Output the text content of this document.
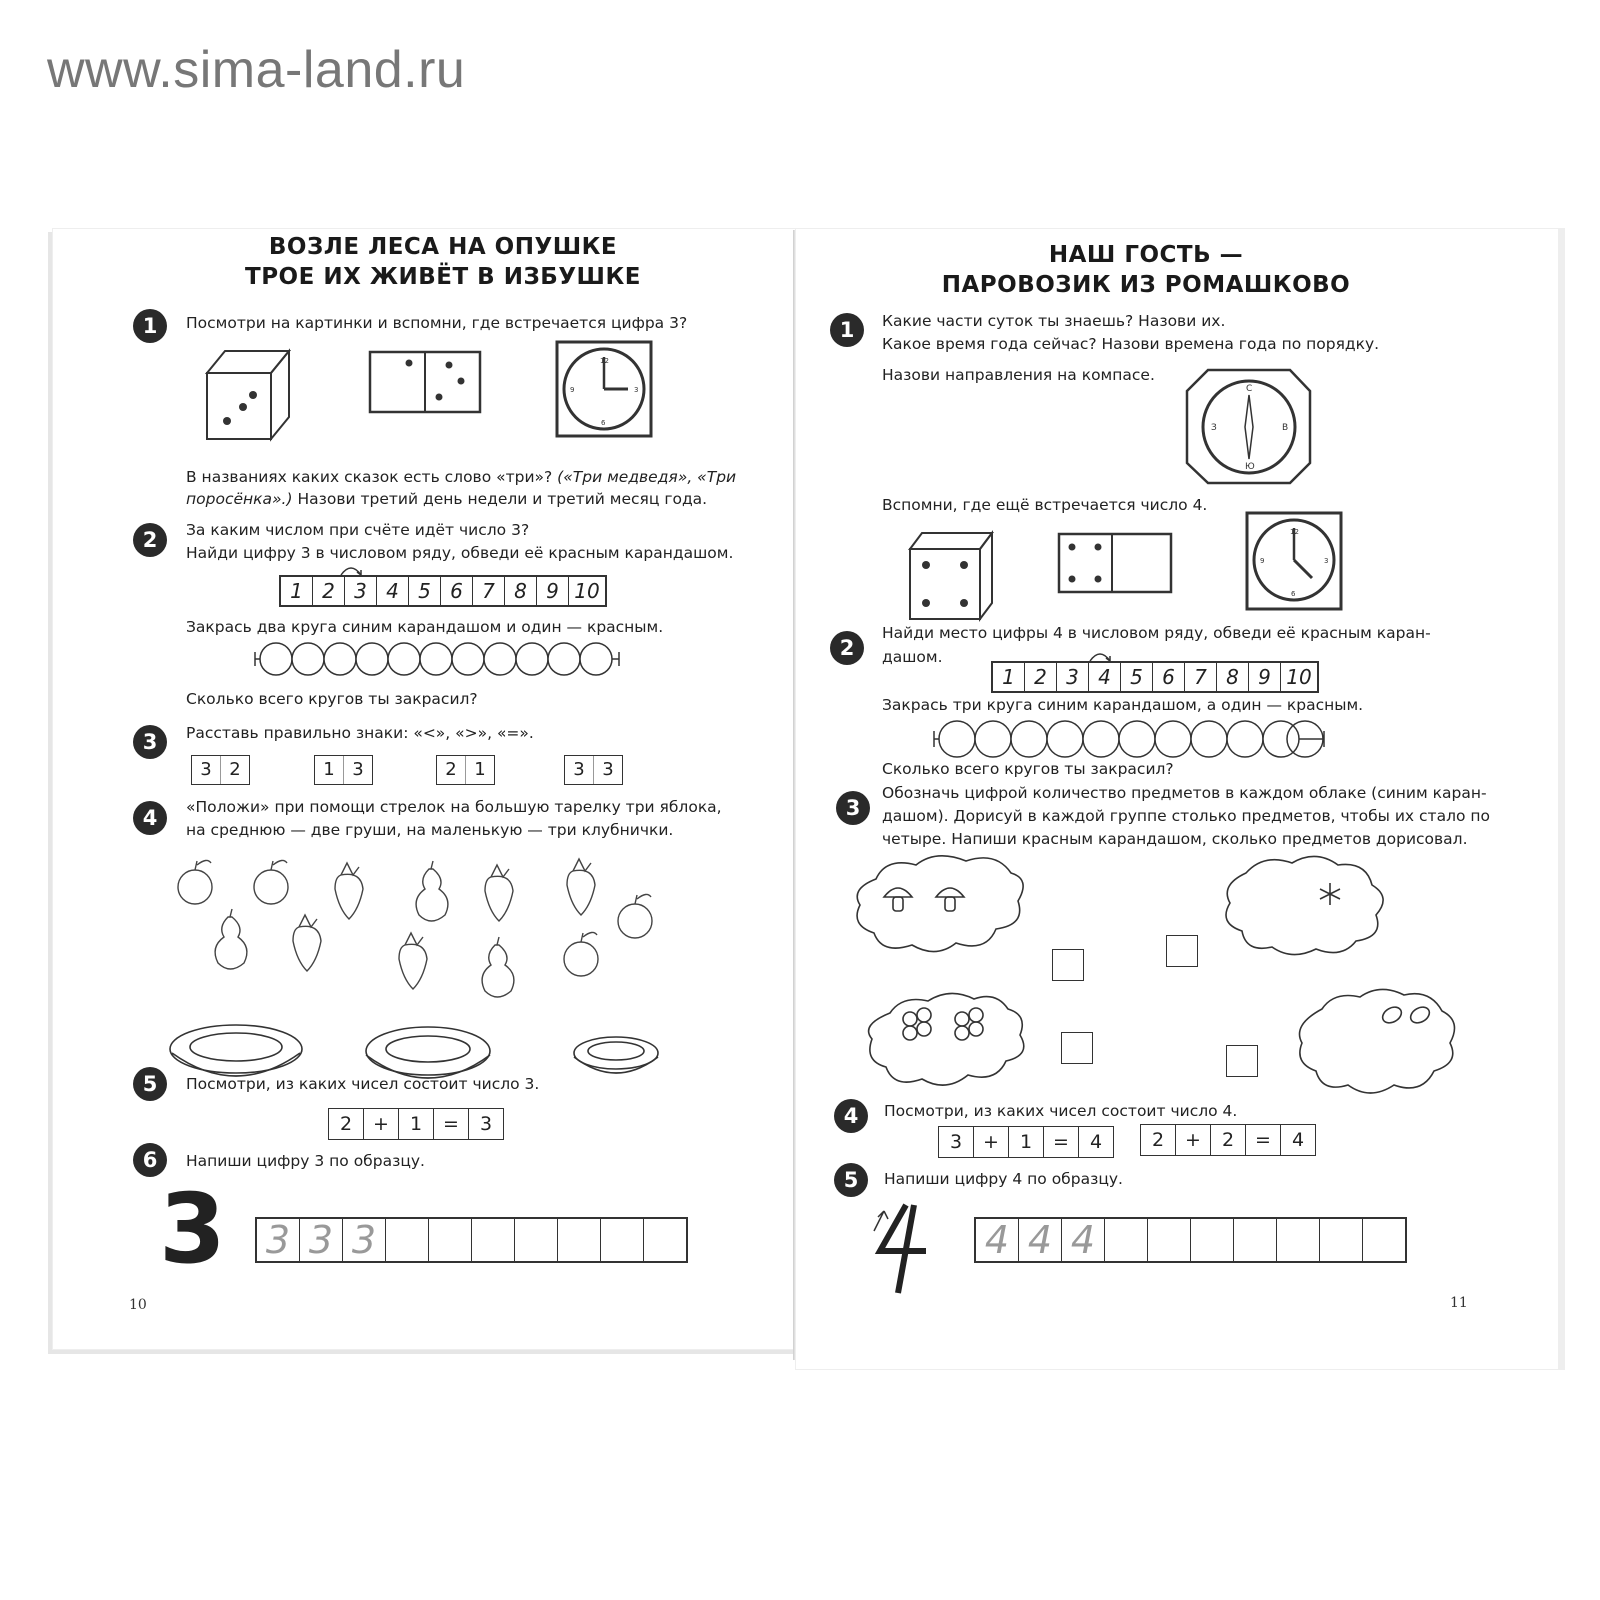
www.sima-land.ru
ВОЗЛЕ ЛЕСА НА ОПУШКЕ
ТРОЕ ИХ ЖИВЁТ В ИЗБУШКЕ
1	Посмотри на картинки и вспомни, где встречается цифра 3?
12
3
6
9
В названиях каких сказок есть слово «три»? («Три медведя», «Три
поросёнка».) Назови третий день недели и третий месяц года.
2	За каким числом при счёте идёт число 3?
Найди цифру 3 в числовом ряду, обведи её красным карандашом.
1 2 3 4 5 6 7 8 9 10
Закрась два круга синим карандашом и один — красным.
Сколько всего кругов ты закрасил?
3	Расставь правильно знаки: «<», «>», «=».
3 2	1 3	2 1	3 3
4	«Положи» при помощи стрелок на большую тарелку три яблока,
на среднюю — две груши, на маленькую — три клубнички.
5	Посмотри, из каких чисел состоит число 3.
2	+	1	=	3
6	Напиши цифру 3 по образцу.
3 3 3 3
10
НАШ ГОСТЬ —
ПАРОВОЗИК ИЗ РОМАШКОВО
1	Какие части суток ты знаешь? Назови их.
Какое время года сейчас? Назови времена года по порядку.
Назови направления на компасе.
С
Ю
З	В
Вспомни, где ещё встречается число 4.
12
3
6
9
2
Найди место цифры 4 в числовом ряду, обведи её красным каран-
дашом.
1 2 3 4 5 6 7 8 9 10
Закрась три круга синим карандашом, а один — красным.
Сколько всего кругов ты закрасил?
3
Обозначь цифрой количество предметов в каждом облаке (синим каран-
дашом). Дорисуй в каждой группе столько предметов, чтобы их стало по
четыре. Напиши красным карандашом, сколько предметов дорисовал.
4	Посмотри, из каких чисел состоит число 4.
3	+	1	=	4	2	+	2	=	4
5	Напиши цифру 4 по образцу.
4 4 4
11
